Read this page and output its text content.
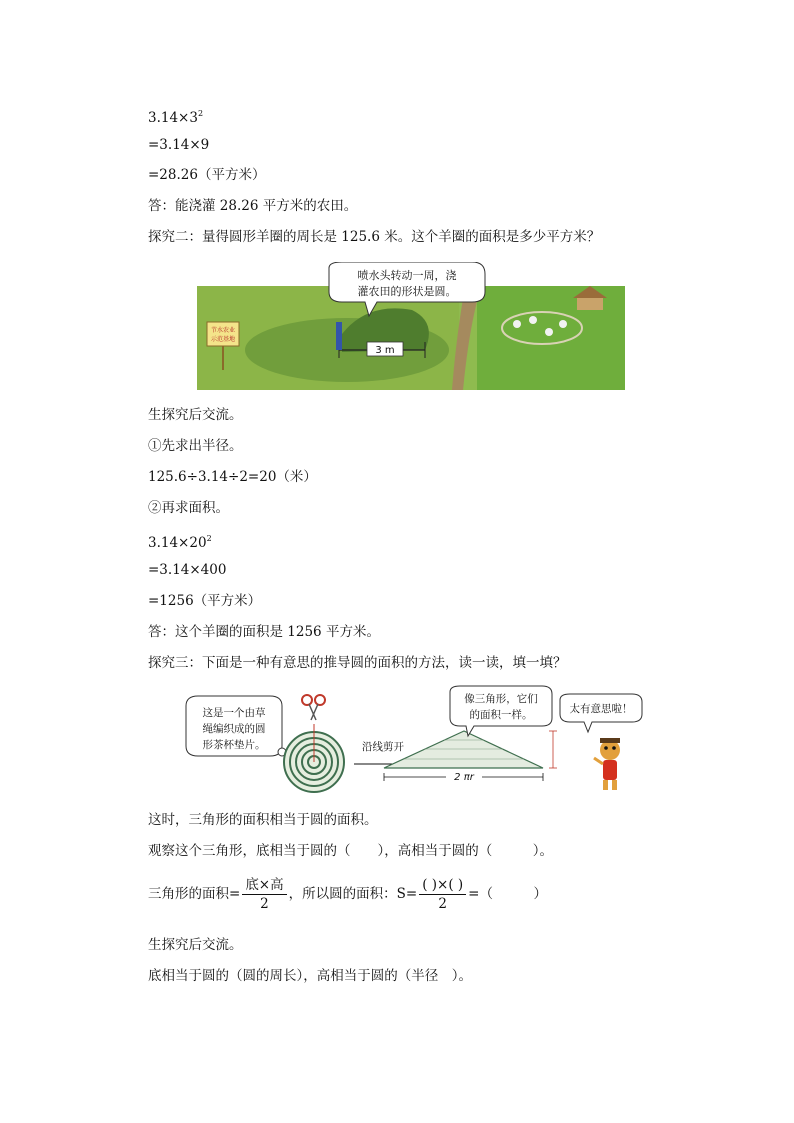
$3.14\times 3^2$
=3.14×9
=28.26（平方米）
答：能浇灌 28.26 平方米的农田。
探究二：量得圆形羊圈的周长是 125.6 米。这个羊圈的面积是多少平方米？
3 m
节水农业
示范基地
喷水头转动一周，浇
灌农田的形状是圆。
生探究后交流。
①先求出半径。
125.6÷3.14÷2=20（米）
②再求面积。
$3.14\times 20^2$
=3.14×400
=1256（平方米）
答：这个羊圈的面积是 1256 平方米。
探究三：下面是一种有意思的推导圆的面积的方法，读一读，填一填？
这是一个由草
绳编织成的圆
形茶杯垫片。	沿线剪开
2 πr
像三角形，它们
的面积一样。	太有意思啦！
这时，三角形的面积相当于圆的面积。
观察这个三角形，底相当于圆的（　　），高相当于圆的（　　　）。
三角形的面积= $\frac{\text{底×高}}{2}$ ，所以圆的面积：$S= \frac{( )\times( )}{2}$ =（　　　）
生探究后交流。
底相当于圆的（圆的周长），高相当于圆的（半径　）。
